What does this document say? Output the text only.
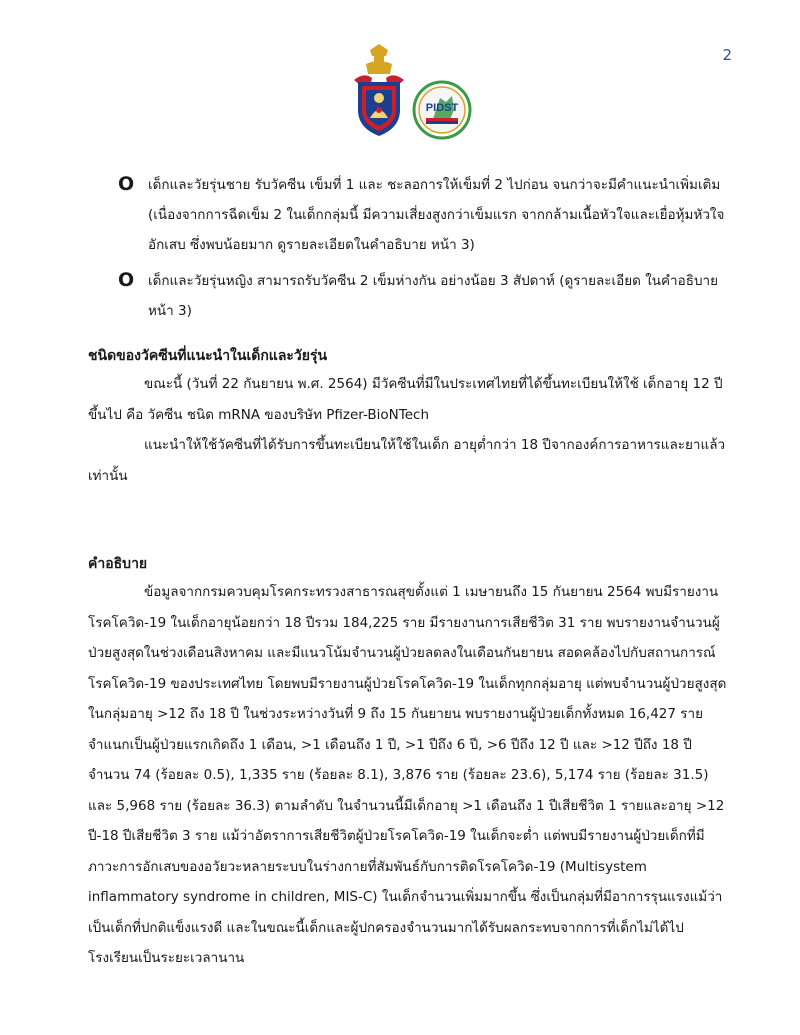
2
PIDST
O	เด็กและวัยรุ่นชาย รับวัคซีน เข็มที่ 1 และ ชะลอการให้เข็มที่ 2 ไปก่อน จนกว่าจะมีคำแนะนำเพิ่มเติม (เนื่องจากการฉีดเข็ม 2 ในเด็กกลุ่มนี้ มีความเสี่ยงสูงกว่าเข็มแรก จากกล้ามเนื้อหัวใจและเยื่อหุ้มหัวใจอักเสบ ซึ่งพบน้อยมาก ดูรายละเอียดในคำอธิบาย หน้า 3)
O	เด็กและวัยรุ่นหญิง สามารถรับวัคซีน 2 เข็มห่างกัน อย่างน้อย 3 สัปดาห์ (ดูรายละเอียด ในคำอธิบาย หน้า 3)
ชนิดของวัคซีนที่แนะนำในเด็กและวัยรุ่น
ขณะนี้ (วันที่ 22 กันยายน พ.ศ. 2564) มีวัคซีนที่มีในประเทศไทยที่ได้ขึ้นทะเบียนให้ใช้ เด็กอายุ 12 ปีขึ้นไป คือ วัคซีน ชนิด mRNA ของบริษัท Pfizer-BioNTech
แนะนำให้ใช้วัคซีนที่ได้รับการขึ้นทะเบียนให้ใช้ในเด็ก อายุต่ำกว่า 18 ปีจากองค์การอาหารและยาแล้ว เท่านั้น
คำอธิบาย
ข้อมูลจากกรมควบคุมโรคกระทรวงสาธารณสุขตั้งแต่ 1 เมษายนถึง 15 กันยายน 2564 พบมีรายงานโรคโควิด-19 ในเด็กอายุน้อยกว่า 18 ปีรวม 184,225 ราย มีรายงานการเสียชีวิต 31 ราย พบรายงานจำนวนผู้ป่วยสูงสุดในช่วงเดือนสิงหาคม และมีแนวโน้มจำนวนผู้ป่วยลดลงในเดือนกันยายน สอดคล้องไปกับสถานการณ์โรคโควิด-19 ของประเทศไทย โดยพบมีรายงานผู้ป่วยโรคโควิด-19 ในเด็กทุกกลุ่มอายุ แต่พบจำนวนผู้ป่วยสูงสุดในกลุ่มอายุ >12 ถึง 18 ปี ในช่วงระหว่างวันที่ 9 ถึง 15 กันยายน พบรายงานผู้ป่วยเด็กทั้งหมด 16,427 ราย จำแนกเป็นผู้ป่วยแรกเกิดถึง 1 เดือน, >1 เดือนถึง 1 ปี, >1 ปีถึง 6 ปี, >6 ปีถึง 12 ปี และ >12 ปีถึง 18 ปี จำนวน 74 (ร้อยละ 0.5), 1,335 ราย (ร้อยละ 8.1), 3,876 ราย (ร้อยละ 23.6), 5,174 ราย (ร้อยละ 31.5) และ 5,968 ราย (ร้อยละ 36.3) ตามลำดับ ในจำนวนนี้มีเด็กอายุ >1 เดือนถึง 1 ปีเสียชีวิต 1 รายและอายุ >12 ปี-18 ปีเสียชีวิต 3 ราย แม้ว่าอัตราการเสียชีวิตผู้ป่วยโรคโควิด-19 ในเด็กจะต่ำ แต่พบมีรายงานผู้ป่วยเด็กที่มีภาวะการอักเสบของอวัยวะหลายระบบในร่างกายที่สัมพันธ์กับการติดโรคโควิด-19 (Multisystem inflammatory syndrome in children, MIS-C) ในเด็กจำนวนเพิ่มมากขึ้น ซึ่งเป็นกลุ่มที่มีอาการรุนแรงแม้ว่าเป็นเด็กที่ปกติแข็งแรงดี และในขณะนี้เด็กและผู้ปกครองจำนวนมากได้รับผลกระทบจากการที่เด็กไม่ได้ไปโรงเรียนเป็นระยะเวลานาน
